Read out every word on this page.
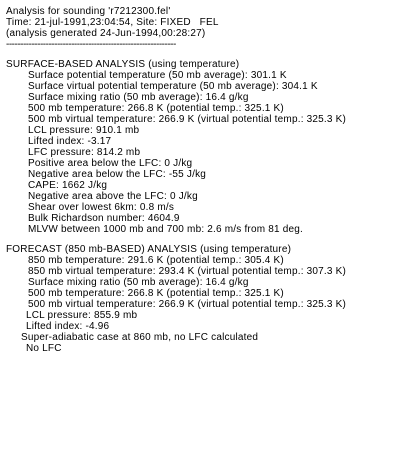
Analysis for sounding 'r7212300.fel'
Time: 21-jul-1991,23:04:54, Site: FIXED   FEL
(analysis generated 24-Jun-1994,00:28:27)
------------------------------------------------------------
SURFACE-BASED ANALYSIS (using temperature)
Surface potential temperature (50 mb average): 301.1 K
Surface virtual potential temperature (50 mb average): 304.1 K
Surface mixing ratio (50 mb average): 16.4 g/kg
500 mb temperature: 266.8 K (potential temp.: 325.1 K)
500 mb virtual temperature: 266.9 K (virtual potential temp.: 325.3 K)
LCL pressure: 910.1 mb
Lifted index: -3.17
LFC pressure: 814.2 mb
Positive area below the LFC: 0 J/kg
Negative area below the LFC: -55 J/kg
CAPE: 1662 J/kg
Negative area above the LFC: 0 J/kg
Shear over lowest 6km: 0.8 m/s
Bulk Richardson number: 4604.9
MLVW between 1000 mb and 700 mb: 2.6 m/s from 81 deg.
FORECAST (850 mb-BASED) ANALYSIS (using temperature)
850 mb temperature: 291.6 K (potential temp.: 305.4 K)
850 mb virtual temperature: 293.4 K (virtual potential temp.: 307.3 K)
Surface mixing ratio (50 mb average): 16.4 g/kg
500 mb temperature: 266.8 K (potential temp.: 325.1 K)
500 mb virtual temperature: 266.9 K (virtual potential temp.: 325.3 K)
LCL pressure: 855.9 mb
Lifted index: -4.96
Super-adiabatic case at 860 mb, no LFC calculated
No LFC
